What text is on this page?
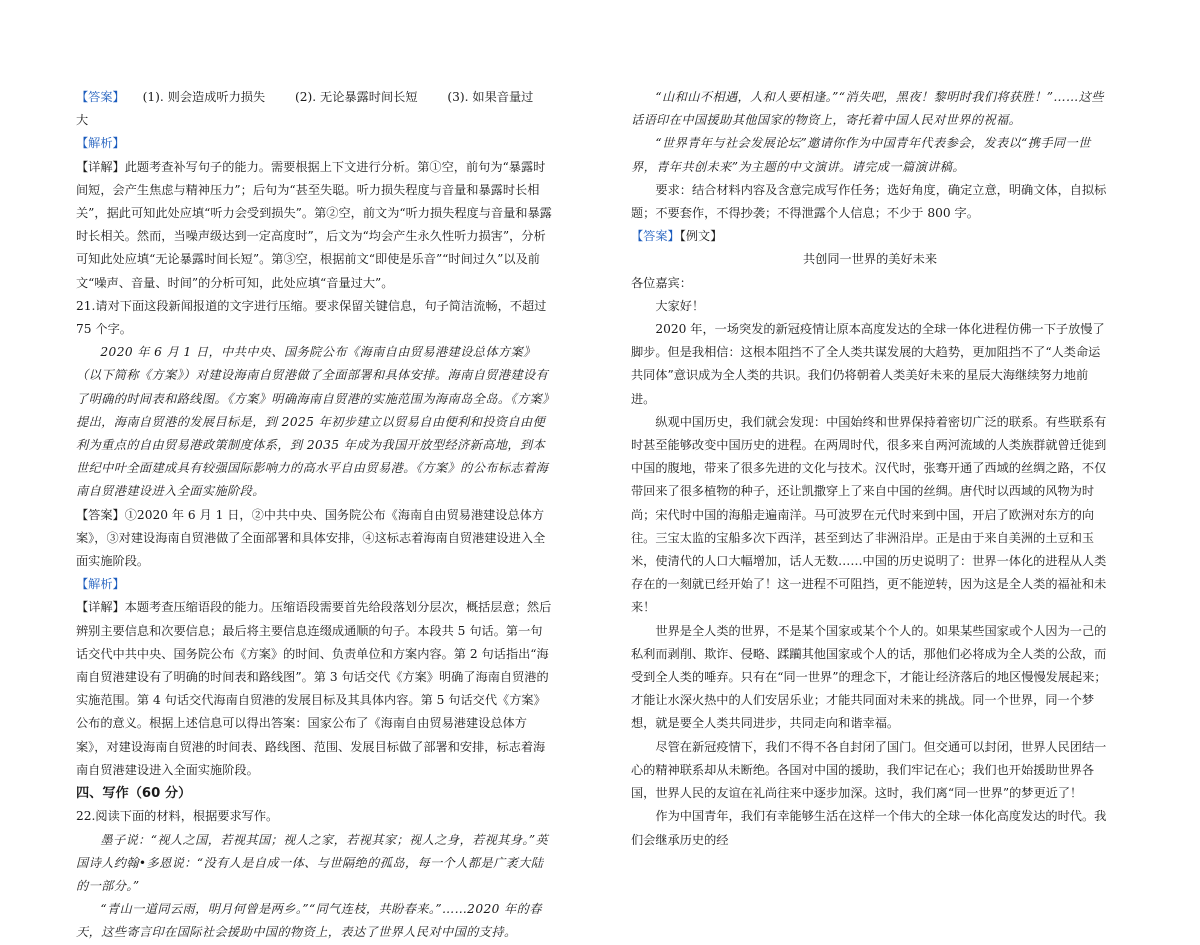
【答案】 (1). 则会造成听力损失 (2). 无论暴露时间长短 (3). 如果音量过大

【解析】

【详解】此题考查补写句子的能力。需要根据上下文进行分析。第①空，前句为“暴露时间短，会产生焦虑与精神压力”；后句为“甚至失聪。听力损失程度与音量和暴露时长相关”，据此可知此处应填“听力会受到损失”。第②空，前文为“听力损失程度与音量和暴露时长相关。然而，当噪声级达到一定高度时”，后文为“均会产生永久性听力损害”，分析可知此处应填“无论暴露时间长短”。第③空，根据前文“即使是乐音”“时间过久”以及前文“噪声、音量、时间”的分析可知，此处应填“音量过大”。

21.请对下面这段新闻报道的文字进行压缩。要求保留关键信息，句子简洁流畅，不超过 75 个字。

2020 年 6 月 1 日，中共中央、国务院公布《海南自由贸易港建设总体方案》（以下简称《方案》）对建设海南自贸港做了全面部署和具体安排。海南自贸港建设有了明确的时间表和路线图。《方案》明确海南自贸港的实施范围为海南岛全岛。《方案》提出，海南自贸港的发展目标是，到 2025 年初步建立以贸易自由便利和投资自由便利为重点的自由贸易港政策制度体系，到 2035 年成为我国开放型经济新高地，到本世纪中叶全面建成具有较强国际影响力的高水平自由贸易港。《方案》的公布标志着海南自贸港建设进入全面实施阶段。

【答案】①2020 年 6 月 1 日，②中共中央、国务院公布《海南自由贸易港建设总体方案》，③对建设海南自贸港做了全面部署和具体安排，④这标志着海南自贸港建设进入全面实施阶段。

【解析】

【详解】本题考查压缩语段的能力。压缩语段需要首先给段落划分层次，概括层意；然后辨别主要信息和次要信息；最后将主要信息连缀成通顺的句子。本段共 5 句话。第一句话交代中共中央、国务院公布《方案》的时间、负责单位和方案内容。第 2 句话指出“海南自贸港建设有了明确的时间表和路线图”。第 3 句话交代《方案》明确了海南自贸港的实施范围。第 4 句话交代海南自贸港的发展目标及其具体内容。第 5 句话交代《方案》公布的意义。根据上述信息可以得出答案：国家公布了《海南自由贸易港建设总体方案》，对建设海南自贸港的时间表、路线图、范围、发展目标做了部署和安排，标志着海南自贸港建设进入全面实施阶段。

四、写作（60 分）

22.阅读下面的材料，根据要求写作。

墨子说：“视人之国，若视其国；视人之家，若视其家；视人之身，若视其身。”英国诗人约翰•多恩说：“没有人是自成一体、与世隔绝的孤岛，每一个人都是广袤大陆的一部分。”

“青山一道同云雨，明月何曾是两乡。”“同气连枝，共盼春来。”……2020 年的春天，这些寄言印在国际社会援助中国的物资上，表达了世界人民对中国的支持。

“山和山不相遇，人和人要相逢。”“消失吧，黑夜！黎明时我们将获胜！”……这些话语印在中国援助其他国家的物资上，寄托着中国人民对世界的祝福。

“世界青年与社会发展论坛”邀请你作为中国青年代表参会，发表以“携手同一世界，青年共创未来”为主题的中文演讲。请完成一篇演讲稿。

要求：结合材料内容及含意完成写作任务；选好角度，确定立意，明确文体，自拟标题；不要套作，不得抄袭；不得泄露个人信息；不少于 800 字。

【答案】【例文】

共创同一世界的美好未来

各位嘉宾：

大家好！

2020 年，一场突发的新冠疫情让原本高度发达的全球一体化进程仿佛一下子放慢了脚步。但是我相信：这根本阻挡不了全人类共谋发展的大趋势，更加阻挡不了“人类命运共同体”意识成为全人类的共识。我们仍将朝着人类美好未来的星辰大海继续努力地前进。

纵观中国历史，我们就会发现：中国始终和世界保持着密切广泛的联系。有些联系有时甚至能够改变中国历史的进程。在两周时代，很多来自两河流域的人类族群就曾迁徙到中国的腹地，带来了很多先进的文化与技术。汉代时，张骞开通了西域的丝绸之路，不仅带回来了很多植物的种子，还让凯撒穿上了来自中国的丝绸。唐代时以西域的风物为时尚；宋代时中国的海船走遍南洋。马可波罗在元代时来到中国，开启了欧洲对东方的向往。三宝太监的宝船多次下西洋，甚至到达了非洲沿岸。正是由于来自美洲的土豆和玉米，使清代的人口大幅增加，话人无数……中国的历史说明了：世界一体化的进程从人类存在的一刻就已经开始了！这一进程不可阻挡，更不能逆转，因为这是全人类的福祉和未来！

世界是全人类的世界，不是某个国家或某个个人的。如果某些国家或个人因为一己的私利而剥削、欺诈、侵略、蹂躏其他国家或个人的话，那他们必将成为全人类的公敌，而受到全人类的唾弃。只有在“同一世界”的理念下，才能让经济落后的地区慢慢发展起来；才能让水深火热中的人们安居乐业；才能共同面对未来的挑战。同一个世界，同一个梦想，就是要全人类共同进步，共同走向和谐幸福。

尽管在新冠疫情下，我们不得不各自封闭了国门。但交通可以封闭，世界人民团结一心的精神联系却从未断绝。各国对中国的援助，我们牢记在心；我们也开始援助世界各国，世界人民的友谊在礼尚往来中逐步加深。这时，我们离“同一世界”的梦更近了！

作为中国青年，我们有幸能够生活在这样一个伟大的全球一体化高度发达的时代。我们会继承历史的经
